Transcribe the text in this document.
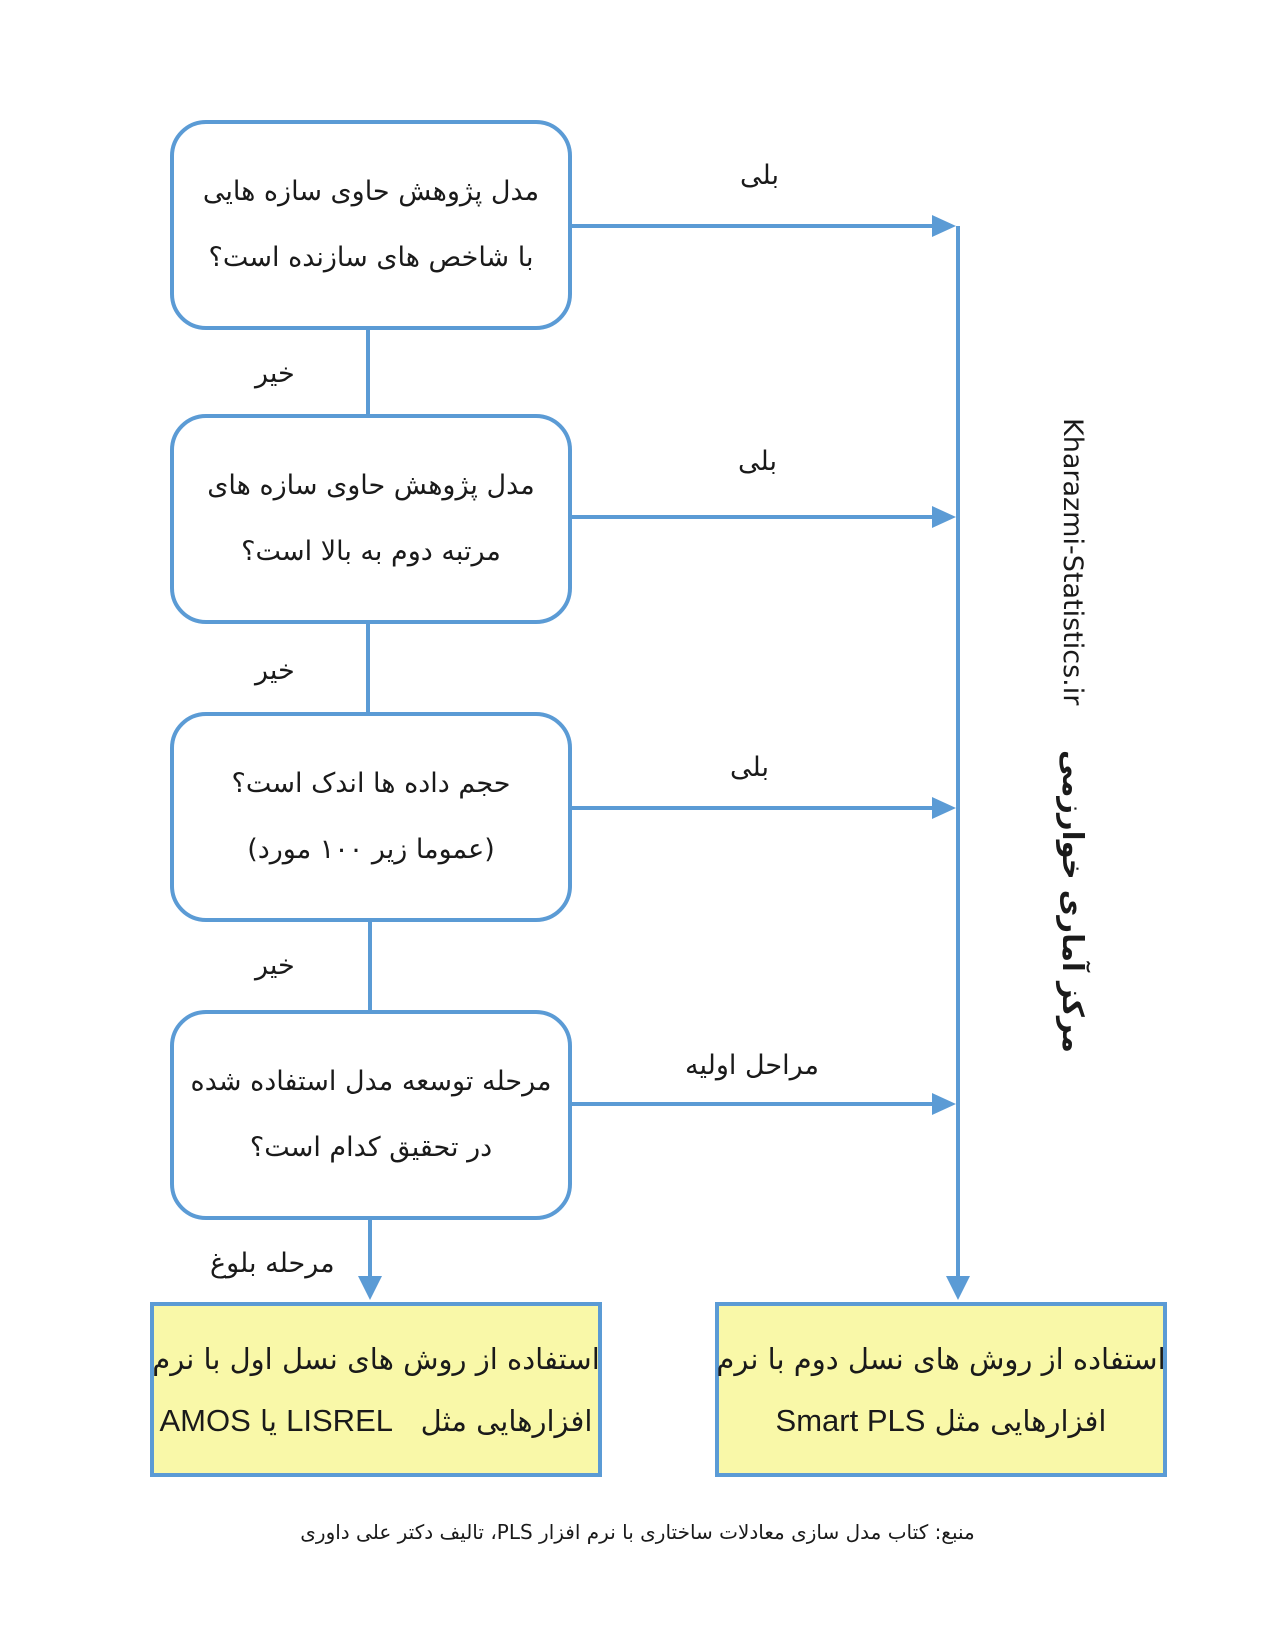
مدل پژوهش حاوی سازه هایی
با شاخص های سازنده است؟
مدل پژوهش حاوی سازه های
مرتبه دوم به بالا است؟
حجم داده ها اندک است؟
(عموما زیر ۱۰۰ مورد)
مرحله توسعه مدل استفاده شده
در تحقیق کدام است؟
استفاده از روش های نسل اول با نرم
افزارهایی مثل   LISREL یا AMOS
استفاده از روش های نسل دوم با نرم
افزارهایی مثل Smart PLS
بلی
بلی
بلی
مراحل اولیه
خیر
خیر
خیر
مرحله بلوغ
Kharazmi-Statistics.ir
مرکز آماری خوارزمی
منبع: کتاب مدل سازی معادلات ساختاری با نرم افزار PLS، تالیف دکتر علی داوری
